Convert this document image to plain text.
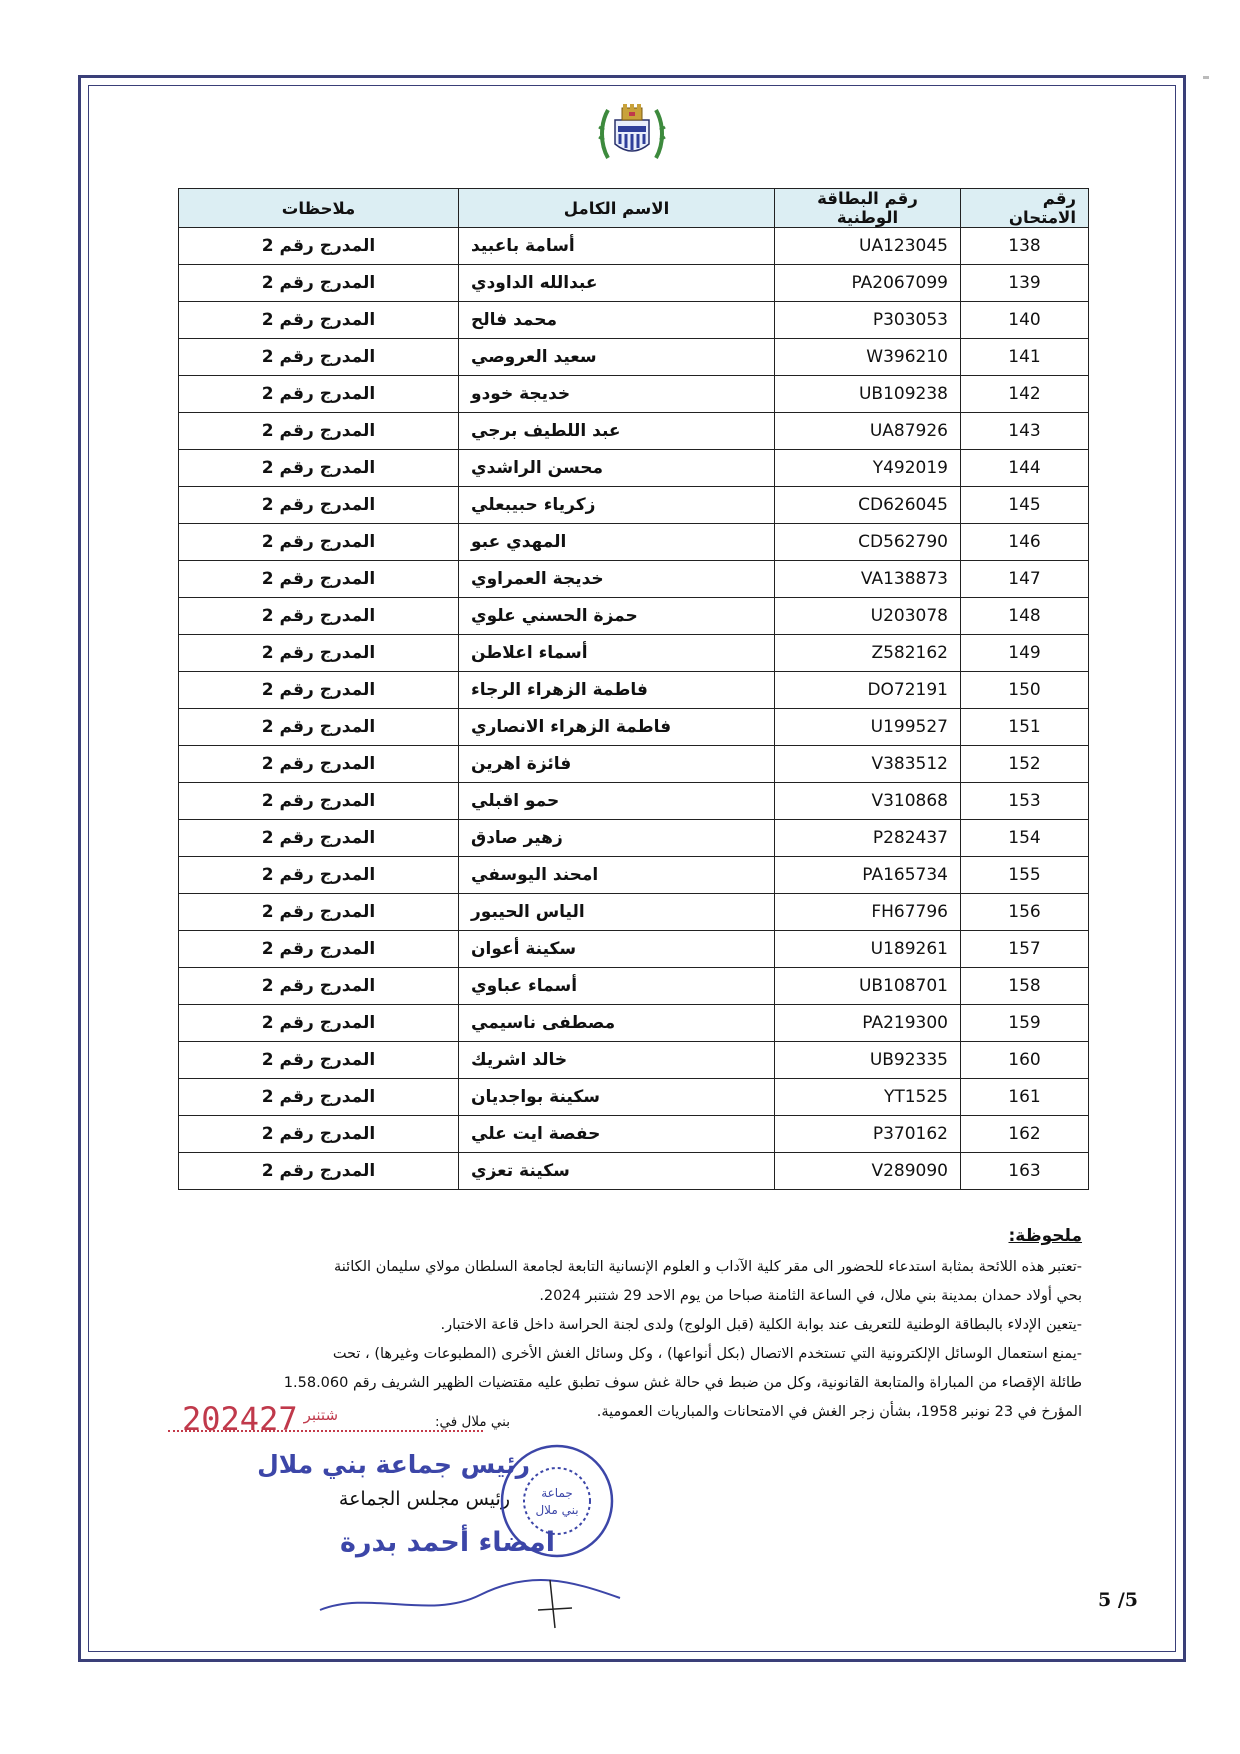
رقم الامتحان	رقم البطاقة الوطنية	الاسم الكامل	ملاحظات
138	UA123045	أسامة باعبيد	المدرج رقم 2
139	PA2067099	عبدالله الداودي	المدرج رقم 2
140	P303053	محمد فالح	المدرج رقم 2
141	W396210	سعيد العروصي	المدرج رقم 2
142	UB109238	خديجة خودو	المدرج رقم 2
143	UA87926	عبد اللطيف برجي	المدرج رقم 2
144	Y492019	محسن الراشدي	المدرج رقم 2
145	CD626045	زكرياء حبيبعلي	المدرج رقم 2
146	CD562790	المهدي عبو	المدرج رقم 2
147	VA138873	خديجة العمراوي	المدرج رقم 2
148	U203078	حمزة الحسني علوي	المدرج رقم 2
149	Z582162	أسماء اعلاطن	المدرج رقم 2
150	DO72191	فاطمة الزهراء الرجاء	المدرج رقم 2
151	U199527	فاطمة الزهراء الانصاري	المدرج رقم 2
152	V383512	فائزة اهرين	المدرج رقم 2
153	V310868	حمو اقبلي	المدرج رقم 2
154	P282437	زهير صادق	المدرج رقم 2
155	PA165734	امحند اليوسفي	المدرج رقم 2
156	FH67796	الياس الحيبور	المدرج رقم 2
157	U189261	سكينة أعوان	المدرج رقم 2
158	UB108701	أسماء عباوي	المدرج رقم 2
159	PA219300	مصطفى ناسيمي	المدرج رقم 2
160	UB92335	خالد اشريك	المدرج رقم 2
161	YT1525	سكينة بواجديان	المدرج رقم 2
162	P370162	حفصة ايت علي	المدرج رقم 2
163	V289090	سكينة تعزي	المدرج رقم 2
ملحوظة:
-تعتبر هذه اللائحة بمثابة استدعاء للحضور الى مقر كلية الآداب و العلوم الإنسانية التابعة لجامعة السلطان مولاي سليمان الكائنة
بحي أولاد حمدان بمدينة بني ملال، في الساعة الثامنة صباحا من يوم الاحد 29 شتنبر 2024.
-يتعين الإدلاء بالبطاقة الوطنية للتعريف عند بوابة الكلية (قبل الولوج) ولدى لجنة الحراسة داخل قاعة الاختبار.
-يمنع استعمال الوسائل الإلكترونية التي تستخدم الاتصال (بكل أنواعها) ، وكل وسائل الغش الأخرى (المطبوعات وغيرها) ، تحت
طائلة الإقصاء من المباراة والمتابعة القانونية، وكل من ضبط في حالة غش سوف تطبق عليه مقتضيات الظهير الشريف رقم 1.58.060
المؤرخ في 23 نونبر 1958، بشأن زجر الغش في الامتحانات والمباريات العمومية.
بني ملال في:
2024	$^{شتنبر}$27
رئيس جماعة بني ملال
رئيس مجلس الجماعة
امضاء أحمد بدرة
جماعة
بني ملال
5 /5
